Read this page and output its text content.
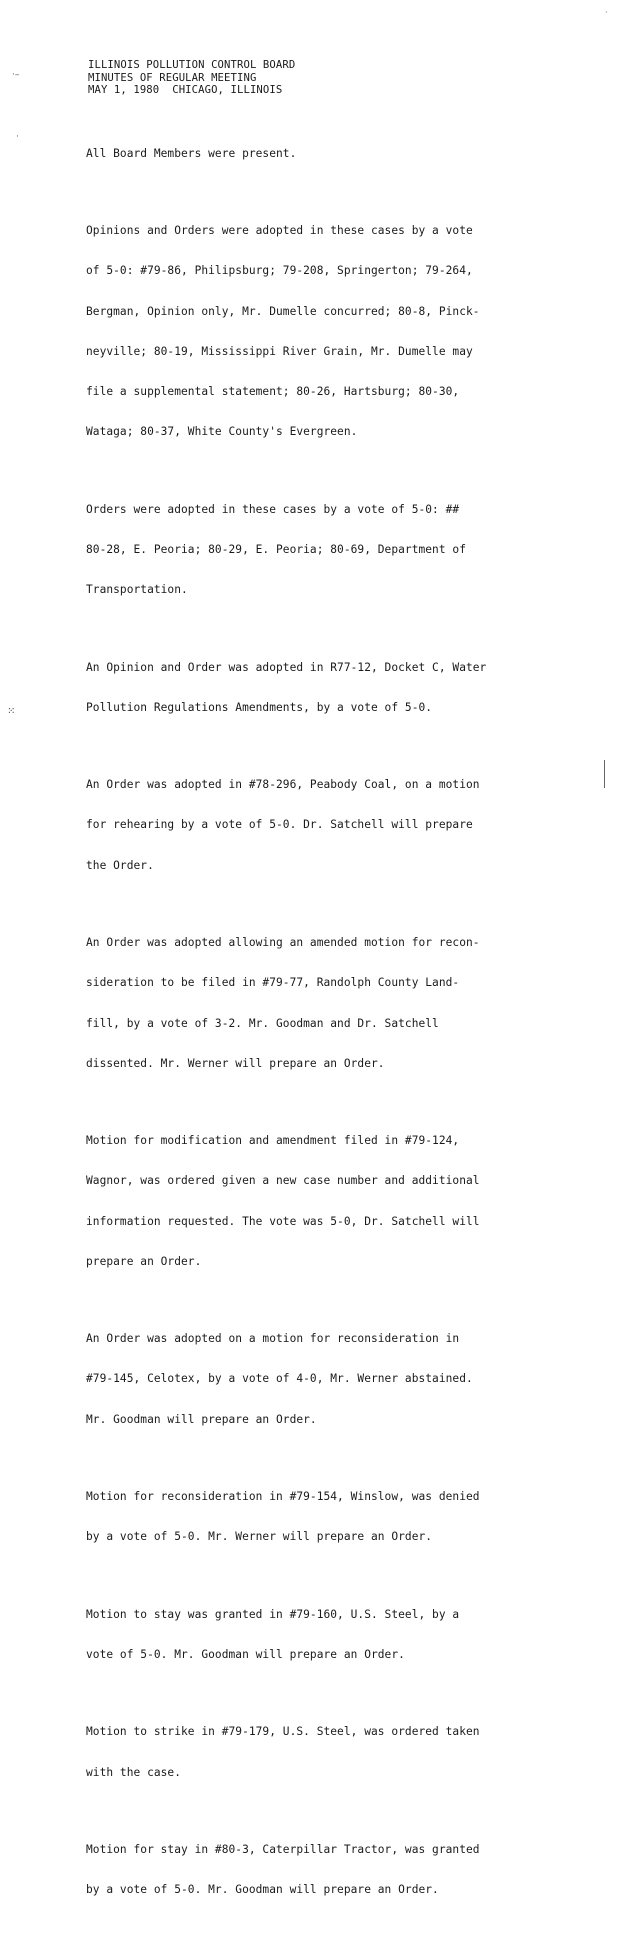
ILLINOIS POLLUTION CONTROL BOARD
MINUTES OF REGULAR MEETING
MAY 1, 1980  CHICAGO, ILLINOIS

All Board Members were present.

Opinions and Orders were adopted in these cases by a vote

of 5-0: #79-86, Philipsburg; 79-208, Springerton; 79-264,

Bergman, Opinion only, Mr. Dumelle concurred; 80-8, Pinck-

neyville; 80-19, Mississippi River Grain, Mr. Dumelle may

file a supplemental statement; 80-26, Hartsburg; 80-30,

Wataga; 80-37, White County's Evergreen.

Orders were adopted in these cases by a vote of 5-0: ##

80-28, E. Peoria; 80-29, E. Peoria; 80-69, Department of

Transportation.

An Opinion and Order was adopted in R77-12, Docket C, Water

Pollution Regulations Amendments, by a vote of 5-0.

An Order was adopted in #78-296, Peabody Coal, on a motion

for rehearing by a vote of 5-0. Dr. Satchell will prepare

the Order.

An Order was adopted allowing an amended motion for recon-

sideration to be filed in #79-77, Randolph County Land-

fill, by a vote of 3-2. Mr. Goodman and Dr. Satchell

dissented. Mr. Werner will prepare an Order.

Motion for modification and amendment filed in #79-124,

Wagnor, was ordered given a new case number and additional

information requested. The vote was 5-0, Dr. Satchell will

prepare an Order.

An Order was adopted on a motion for reconsideration in

#79-145, Celotex, by a vote of 4-0, Mr. Werner abstained.

Mr. Goodman will prepare an Order.

Motion for reconsideration in #79-154, Winslow, was denied

by a vote of 5-0. Mr. Werner will prepare an Order.

Motion to stay was granted in #79-160, U.S. Steel, by a

vote of 5-0. Mr. Goodman will prepare an Order.

Motion to strike in #79-179, U.S. Steel, was ordered taken

with the case.

Motion for stay in #80-3, Caterpillar Tractor, was granted

by a vote of 5-0. Mr. Goodman will prepare an Order.

·–
·
∶·∶
·
